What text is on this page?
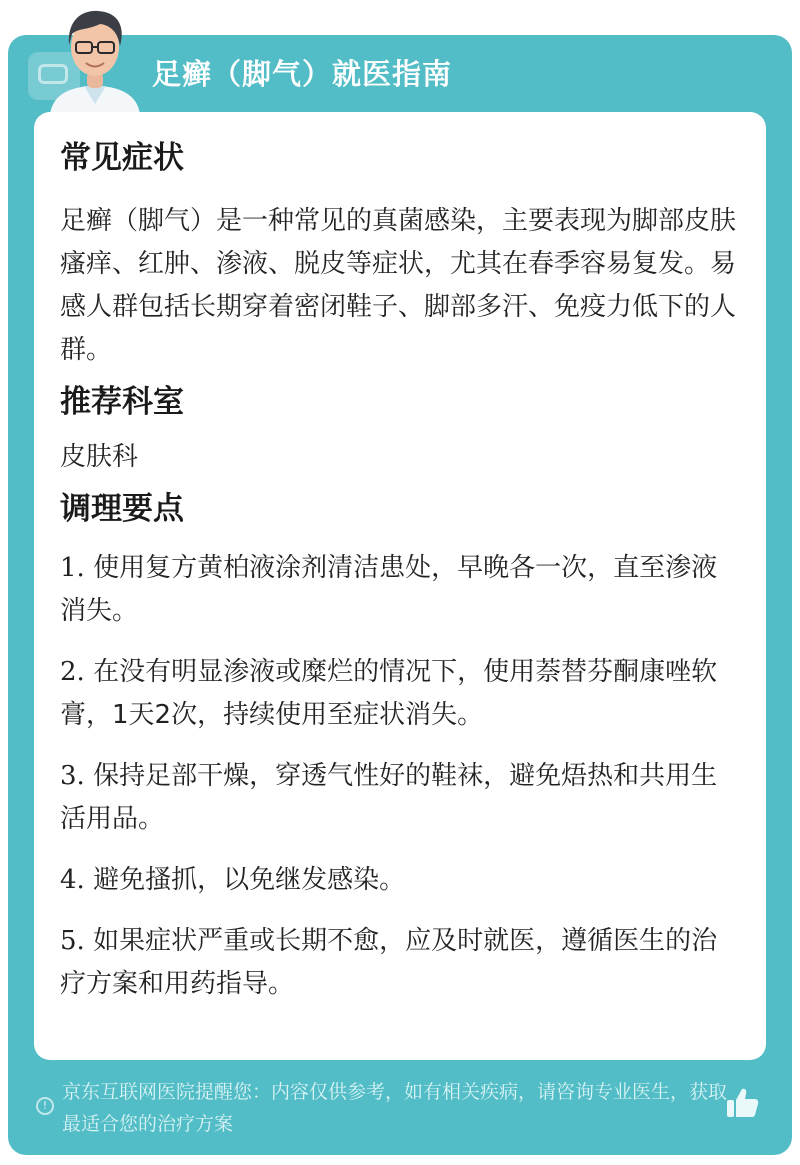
足癣（脚气）就医指南
常见症状
足癣（脚气）是一种常见的真菌感染，主要表现为脚部皮肤瘙痒、红肿、渗液、脱皮等症状，尤其在春季容易复发。易感人群包括长期穿着密闭鞋子、脚部多汗、免疫力低下的人群。
推荐科室
皮肤科
调理要点
1. 使用复方黄柏液涂剂清洁患处，早晚各一次，直至渗液消失。
2. 在没有明显渗液或糜烂的情况下，使用萘替芬酮康唑软膏，1天2次，持续使用至症状消失。
3. 保持足部干燥，穿透气性好的鞋袜，避免焐热和共用生活用品。
4. 避免搔抓，以免继发感染。
5. 如果症状严重或长期不愈，应及时就医，遵循医生的治疗方案和用药指导。
!
京东互联网医院提醒您：内容仅供参考，如有相关疾病，请咨询专业医生，获取最适合您的治疗方案
